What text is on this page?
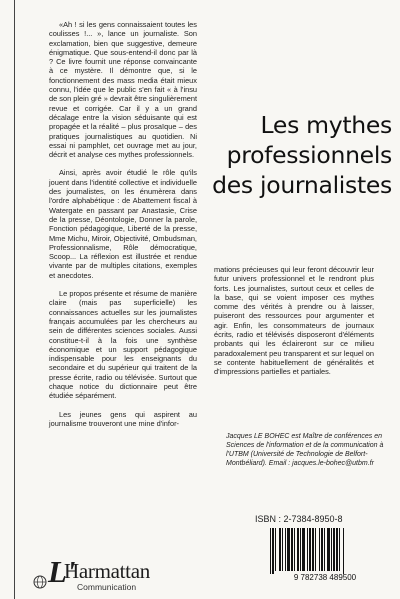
«Ah ! si les gens connaissaient toutes les coulisses !... », lance un journaliste. Son exclamation, bien que suggestive, demeure énigmatique. Que sous-entend-il donc par là ? Ce livre fournit une réponse convaincante à ce mystère. Il démontre que, si le fonctionnement des mass media était mieux connu, l'idée que le public s'en fait « à l'insu de son plein gré » devrait être singulièrement revue et corrigée. Car il y a un grand décalage entre la vision séduisante qui est propagée et la réalité – plus prosaïque – des pratiques journalistiques au quotidien. Ni essai ni pamphlet, cet ouvrage met au jour, décrit et analyse ces mythes professionnels.

Ainsi, après avoir étudié le rôle qu'ils jouent dans l'identité collective et individuelle des journalistes, on les énumèrera dans l'ordre alphabétique : de Abattement fiscal à Watergate en passant par Anastasie, Crise de la presse, Déontologie, Donner la parole, Fonction pédagogique, Liberté de la presse, Mme Michu, Miroir, Objectivité, Ombudsman, Professionnalisme, Rôle démocratique, Scoop... La réflexion est illustrée et rendue vivante par de multiples citations, exemples et anecdotes.

Le propos présente et résume de manière claire (mais pas superficielle) les connaissances actuelles sur les journalistes français accumulées par les chercheurs au sein de différentes sciences sociales. Aussi constitue-t-il à la fois une synthèse économique et un support pédagogique indispensable pour les enseignants du secondaire et du supérieur qui traitent de la presse écrite, radio ou télévisée. Surtout que chaque notice du dictionnaire peut être étudiée séparément.

Les jeunes gens qui aspirent au journalisme trouveront une mine d'infor-

Les mythes
professionnels
des journalistes

mations précieuses qui leur feront découvrir leur futur univers professionnel et le rendront plus forts. Les journalistes, surtout ceux et celles de la base, qui se voient imposer ces mythes comme des vérités à prendre ou à laisser, puiseront des ressources pour argumenter et agir. Enfin, les consommateurs de journaux écrits, radio et télévisés disposeront d'éléments probants qui les éclaireront sur ce milieu paradoxalement peu transparent et sur lequel on se contente habituellement de généralités et d'impressions partielles et partiales.

Jacques LE BOHEC est Maître de conférences en Sciences de l'information et de la communication à l'UTBM (Université de Technologie de Belfort-Montbéliard). Email : jacques.le-bohec@utbm.fr
ISBN : 2-7384-8950-8
9 782738 489500
L'
Harmattan
Communication
